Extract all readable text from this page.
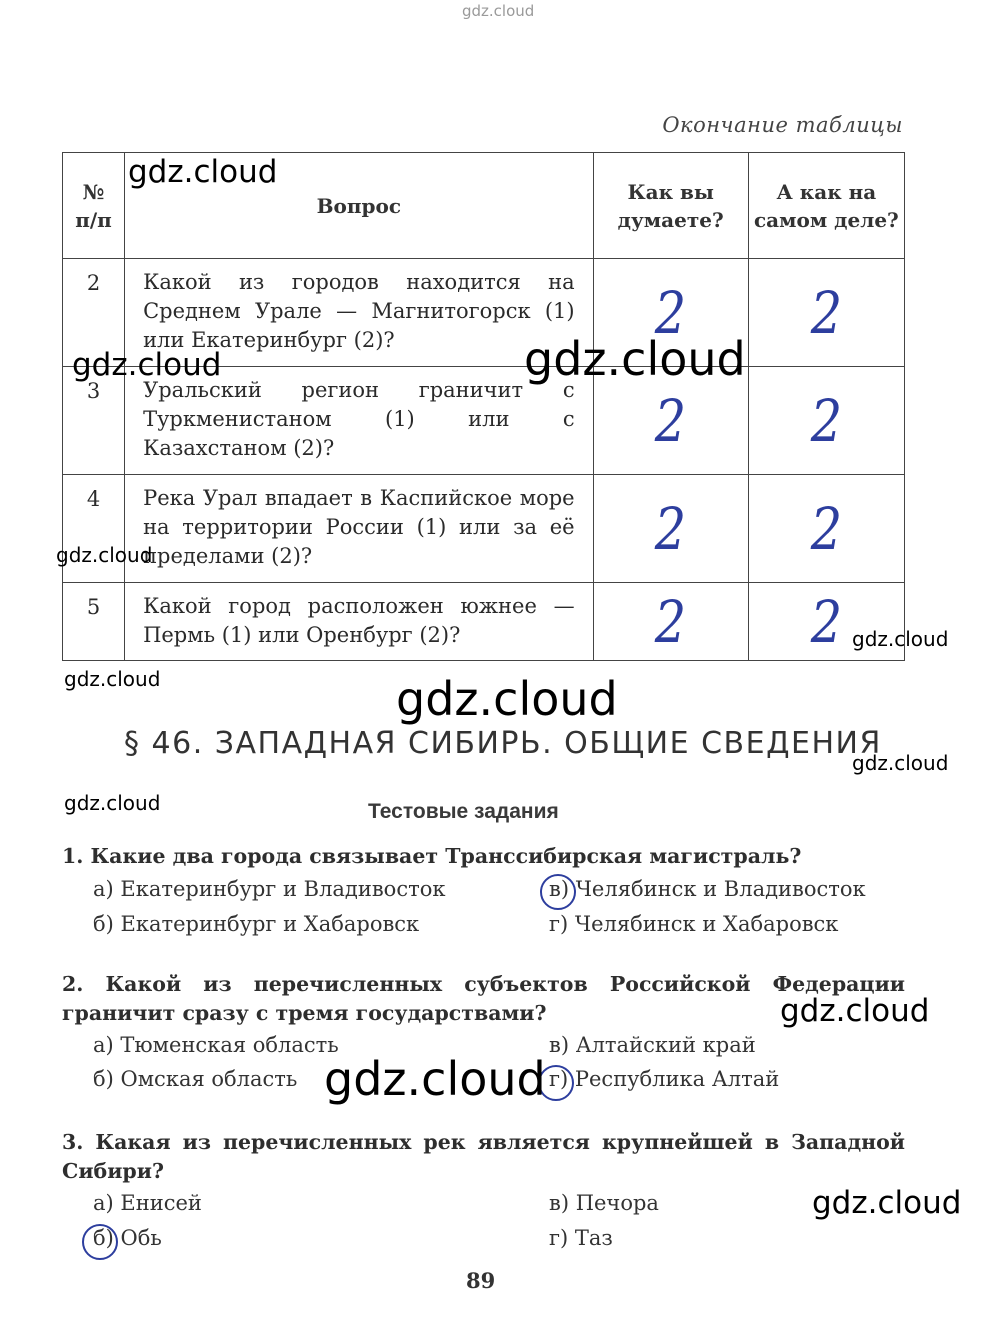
gdz.cloud
Окончание таблицы
№
п/п	Вопрос	Как вы думаете?	А как на самом деле?
2	Какой из городов находится на Среднем Урале — Магнитогорск (1) или Екатеринбург (2)?	2	2
3	Уральский регион граничит с Туркменистаном (1) или с Казахстаном (2)?	2	2
4	Река Урал впадает в Каспийское море на территории России (1) или за её пределами (2)?	2	2
5	Какой город расположен южнее — Пермь (1) или Оренбург (2)?	2	2
§ 46. ЗАПАДНАЯ СИБИРЬ. ОБЩИЕ СВЕДЕНИЯ
Тестовые задания
1. Какие два города связывает Транссибирская магистраль?
а) Екатеринбург и Владивосток
б) Екатеринбург и Хабаровск
в) Челябинск и Владивосток
г) Челябинск и Хабаровск
2. Какой из перечисленных субъектов Российской Федерации граничит сразу с тремя государствами?
а) Тюменская область
б) Омская область
в) Алтайский край
г) Республика Алтай
3. Какая из перечисленных рек является крупнейшей в Западной Сибири?
а) Енисей
б) Обь
в) Печора
г) Таз
89
gdz.cloud
gdz.cloud	gdz.cloud
gdz.cloud
gdz.cloud
gdz.cloud	gdz.cloud
gdz.cloud
gdz.cloud
gdz.cloud
gdz.cloud
gdz.cloud
